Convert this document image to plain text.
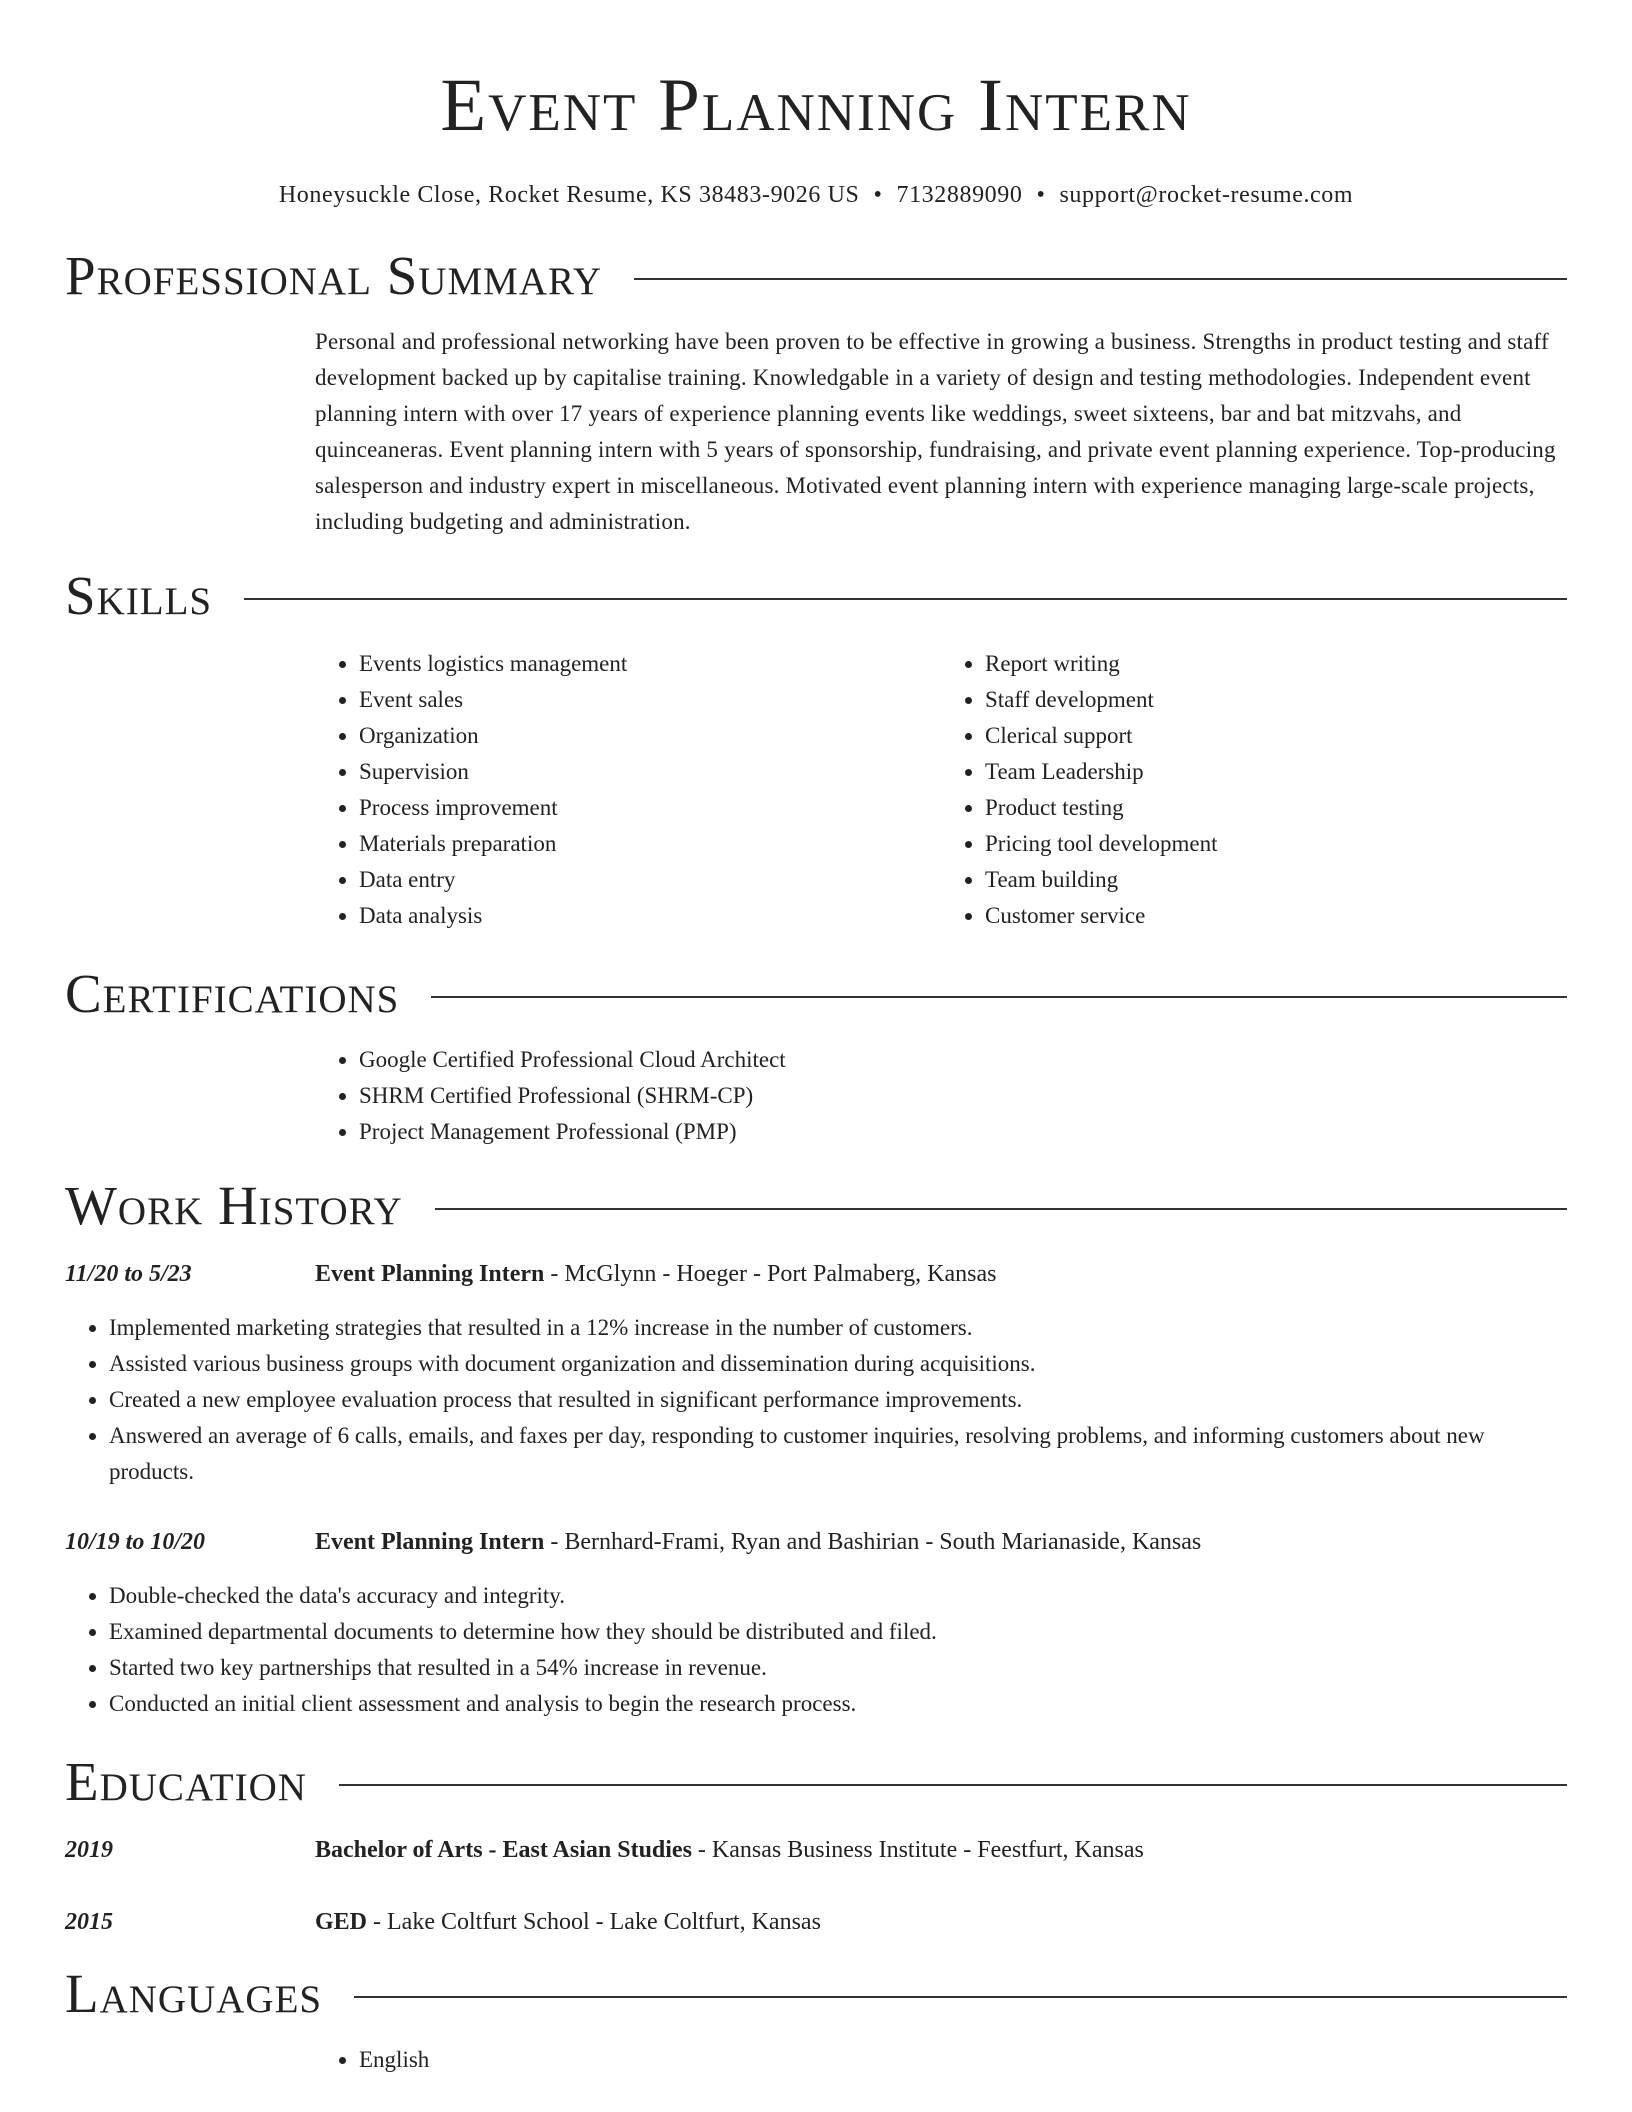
Event Planning Intern
Honeysuckle Close, Rocket Resume, KS 38483-9026 US • 7132889090 • support@rocket-resume.com
Professional Summary

Personal and professional networking have been proven to be effective in growing a business. Strengths in product testing and staff development backed up by capitalise training. Knowledgable in a variety of design and testing methodologies. Independent event planning intern with over 17 years of experience planning events like weddings, sweet sixteens, bar and bat mitzvahs, and quinceaneras. Event planning intern with 5 years of sponsorship, fundraising, and private event planning experience. Top-producing salesperson and industry expert in miscellaneous. Motivated event planning intern with experience managing large-scale projects, including budgeting and administration.

Skills
• Events logistics management
• Event sales
• Organization
• Supervision
• Process improvement
• Materials preparation
• Data entry
• Data analysis
• Report writing
• Staff development
• Clerical support
• Team Leadership
• Product testing
• Pricing tool development
• Team building
• Customer service
Certifications
• Google Certified Professional Cloud Architect
• SHRM Certified Professional (SHRM-CP)
• Project Management Professional (PMP)
Work History
11/20 to 5/23	Event Planning Intern - McGlynn - Hoeger - Port Palmaberg, Kansas
• Implemented marketing strategies that resulted in a 12% increase in the number of customers.
• Assisted various business groups with document organization and dissemination during acquisitions.
• Created a new employee evaluation process that resulted in significant performance improvements.
• Answered an average of 6 calls, emails, and faxes per day, responding to customer inquiries, resolving problems, and informing customers about new products.
10/19 to 10/20	Event Planning Intern - Bernhard-Frami, Ryan and Bashirian - South Marianaside, Kansas
• Double-checked the data's accuracy and integrity.
• Examined departmental documents to determine how they should be distributed and filed.
• Started two key partnerships that resulted in a 54% increase in revenue.
• Conducted an initial client assessment and analysis to begin the research process.
Education
2019	Bachelor of Arts - East Asian Studies - Kansas Business Institute - Feestfurt, Kansas
2015	GED - Lake Coltfurt School - Lake Coltfurt, Kansas
Languages
• English
